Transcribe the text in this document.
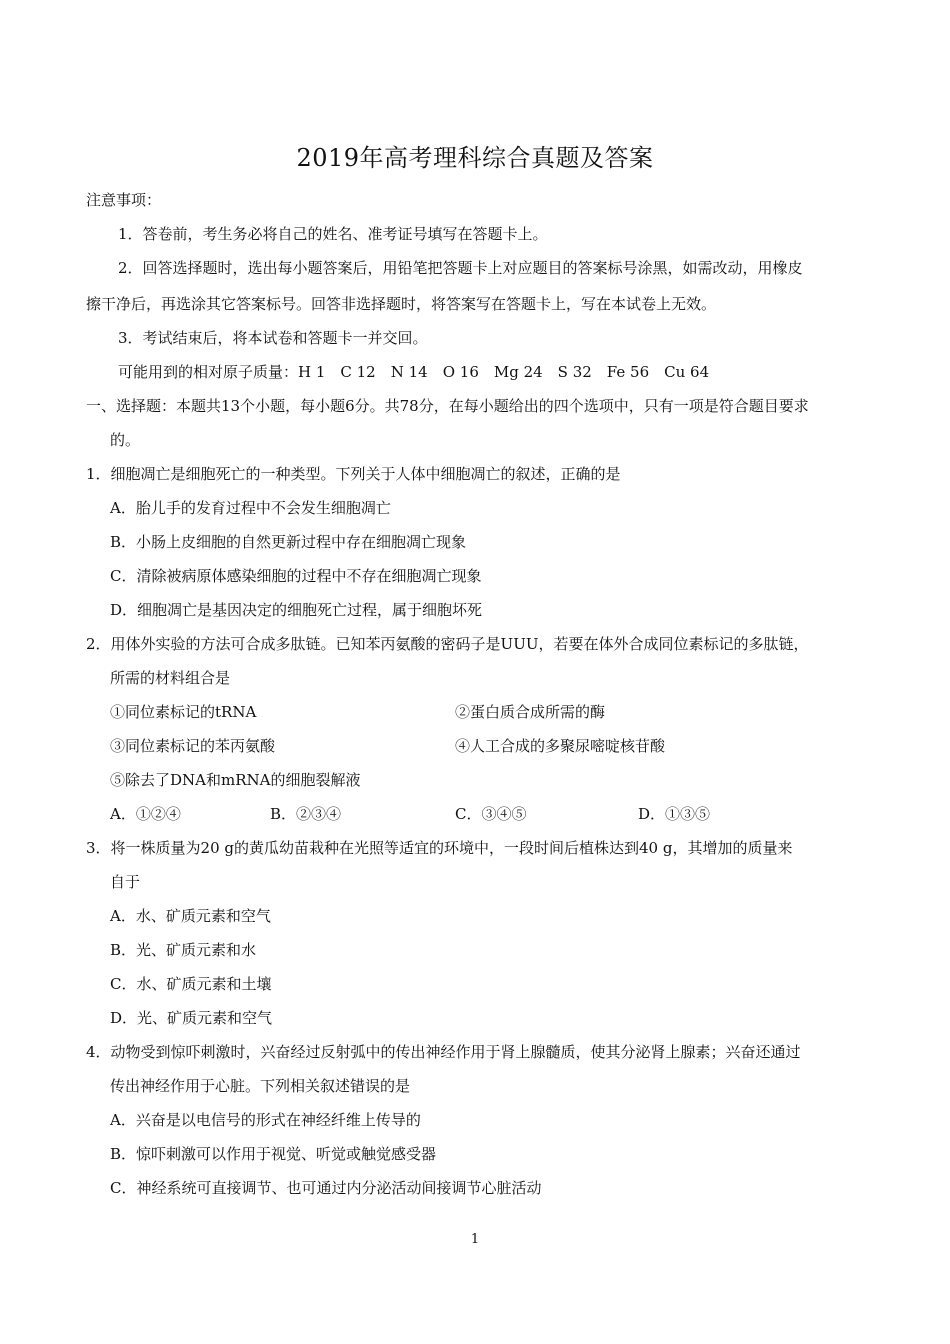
2019年高考理科综合真题及答案
注意事项：
1．答卷前，考生务必将自己的姓名、准考证号填写在答题卡上。
2．回答选择题时，选出每小题答案后，用铅笔把答题卡上对应题目的答案标号涂黑，如需改动，用橡皮
擦干净后，再选涂其它答案标号。回答非选择题时，将答案写在答题卡上，写在本试卷上无效。
3．考试结束后，将本试卷和答题卡一并交回。
可能用到的相对原子质量：H 1　C 12　N 14　O 16　Mg 24　S 32　Fe 56　Cu 64
一、选择题：本题共13个小题，每小题6分。共78分，在每小题给出的四个选项中，只有一项是符合题目要求
的。
1．细胞凋亡是细胞死亡的一种类型。下列关于人体中细胞凋亡的叙述，正确的是
A．胎儿手的发育过程中不会发生细胞凋亡
B．小肠上皮细胞的自然更新过程中存在细胞凋亡现象
C．清除被病原体感染细胞的过程中不存在细胞凋亡现象
D．细胞凋亡是基因决定的细胞死亡过程，属于细胞坏死
2．用体外实验的方法可合成多肽链。已知苯丙氨酸的密码子是UUU，若要在体外合成同位素标记的多肽链，
所需的材料组合是
①同位素标记的tRNA	②蛋白质合成所需的酶
③同位素标记的苯丙氨酸	④人工合成的多聚尿嘧啶核苷酸
⑤除去了DNA和mRNA的细胞裂解液
A．①②④	B．②③④	C．③④⑤	D．①③⑤
3．将一株质量为20 g的黄瓜幼苗栽种在光照等适宜的环境中，一段时间后植株达到40 g，其增加的质量来
自于
A．水、矿质元素和空气
B．光、矿质元素和水
C．水、矿质元素和土壤
D．光、矿质元素和空气
4．动物受到惊吓刺激时，兴奋经过反射弧中的传出神经作用于肾上腺髓质，使其分泌肾上腺素；兴奋还通过
传出神经作用于心脏。下列相关叙述错误的是
A．兴奋是以电信号的形式在神经纤维上传导的
B．惊吓刺激可以作用于视觉、听觉或触觉感受器
C．神经系统可直接调节、也可通过内分泌活动间接调节心脏活动
1
